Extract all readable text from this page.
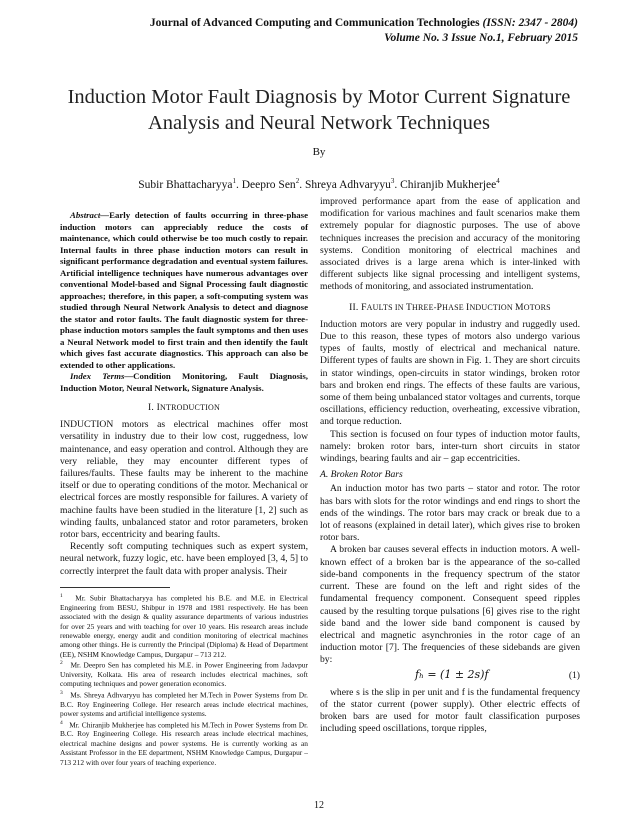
Journal of Advanced Computing and Communication Technologies (ISSN: 2347 - 2804)
Volume No. 3 Issue No.1, February 2015
Induction Motor Fault Diagnosis by Motor Current Signature Analysis and Neural Network Techniques
By
Subir Bhattacharyya$^1$. Deepro Sen$^2$. Shreya Adhvaryyu$^3$. Chiranjib Mukherjee$^4$

Abstract—Early detection of faults occurring in three-phase induction motors can appreciably reduce the costs of maintenance, which could otherwise be too much costly to repair. Internal faults in three phase induction motors can result in significant performance degradation and eventual system failures. Artificial intelligence techniques have numerous advantages over conventional Model-based and Signal Processing fault diagnostic approaches; therefore, in this paper, a soft-computing system was studied through Neural Network Analysis to detect and diagnose the stator and rotor faults. The fault diagnostic system for three-phase induction motors samples the fault symptoms and then uses a Neural Network model to first train and then identify the fault which gives fast accurate diagnostics. This approach can also be extended to other applications.

Index Terms—Condition Monitoring, Fault Diagnosis, Induction Motor, Neural Network, Signature Analysis.

I. INTRODUCTION

INDUCTION motors as electrical machines offer most versatility in industry due to their low cost, ruggedness, low maintenance, and easy operation and control. Although they are very reliable, they may encounter different types of failures/faults. These faults may be inherent to the machine itself or due to operating conditions of the motor. Mechanical or electrical forces are mostly responsible for failures. A variety of machine faults have been studied in the literature [1, 2] such as winding faults, unbalanced stator and rotor parameters, broken rotor bars, eccentricity and bearing faults.

Recently soft computing techniques such as expert system, neural network, fuzzy logic, etc. have been employed [3, 4, 5] to correctly interpret the fault data with proper analysis. Their

$^1$ Mr. Subir Bhattacharyya has completed his B.E. and M.E. in Electrical Engineering from BESU, Shibpur in 1978 and 1981 respectively. He has been associated with the design & quality assurance departments of various industries for over 25 years and with teaching for over 10 years. His research areas include renewable energy, energy audit and condition monitoring of electrical machines among other things. He is currently the Principal (Diploma) & Head of Department (EE), NSHM Knowledge Campus, Durgapur – 713 212.

$^2$ Mr. Deepro Sen has completed his M.E. in Power Engineering from Jadavpur University, Kolkata. His area of research includes electrical machines, soft computing techniques and power generation economics.

$^3$ Ms. Shreya Adhvaryyu has completed her M.Tech in Power Systems from Dr. B.C. Roy Engineering College. Her research areas include electrical machines, power systems and artificial intelligence systems.

$^4$ Mr. Chiranjib Mukherjee has completed his M.Tech in Power Systems from Dr. B.C. Roy Engineering College. His research areas include electrical machines, electrical machine designs and power systems. He is currently working as an Assistant Professor in the EE department, NSHM Knowledge Campus, Durgapur – 713 212 with over four years of teaching experience.

improved performance apart from the ease of application and modification for various machines and fault scenarios make them extremely popular for diagnostic purposes. The use of above techniques increases the precision and accuracy of the monitoring systems. Condition monitoring of electrical machines and associated drives is a large arena which is inter-linked with different subjects like signal processing and intelligent systems, methods of monitoring, and associated instrumentation.

II. FAULTS IN THREE-PHASE INDUCTION MOTORS

Induction motors are very popular in industry and ruggedly used. Due to this reason, these types of motors also undergo various types of faults, mostly of electrical and mechanical nature. Different types of faults are shown in Fig. 1. They are short circuits in stator windings, open-circuits in stator windings, broken rotor bars and broken end rings. The effects of these faults are various, some of them being unbalanced stator voltages and currents, torque oscillations, efficiency reduction, overheating, excessive vibration, and torque reduction.

This section is focused on four types of induction motor faults, namely: broken rotor bars, inter-turn short circuits in stator windings, bearing faults and air – gap eccentricities.

A. Broken Rotor Bars

An induction motor has two parts – stator and rotor. The rotor has bars with slots for the rotor windings and end rings to short the ends of the windings. The rotor bars may crack or break due to a lot of reasons (explained in detail later), which gives rise to broken rotor bars.

A broken bar causes several effects in induction motors. A well-known effect of a broken bar is the appearance of the so-called side-band components in the frequency spectrum of the stator current. These are found on the left and right sides of the fundamental frequency component. Consequent speed ripples caused by the resulting torque pulsations [6] gives rise to the right side band and the lower side band component is caused by electrical and magnetic asynchronies in the rotor cage of an induction motor [7]. The frequencies of these sidebands are given by:

fₕ = (1 ± 2s)f	(1)

where s is the slip in per unit and f is the fundamental frequency of the stator current (power supply). Other electric effects of broken bars are used for motor fault classification purposes including speed oscillations, torque ripples,

12
